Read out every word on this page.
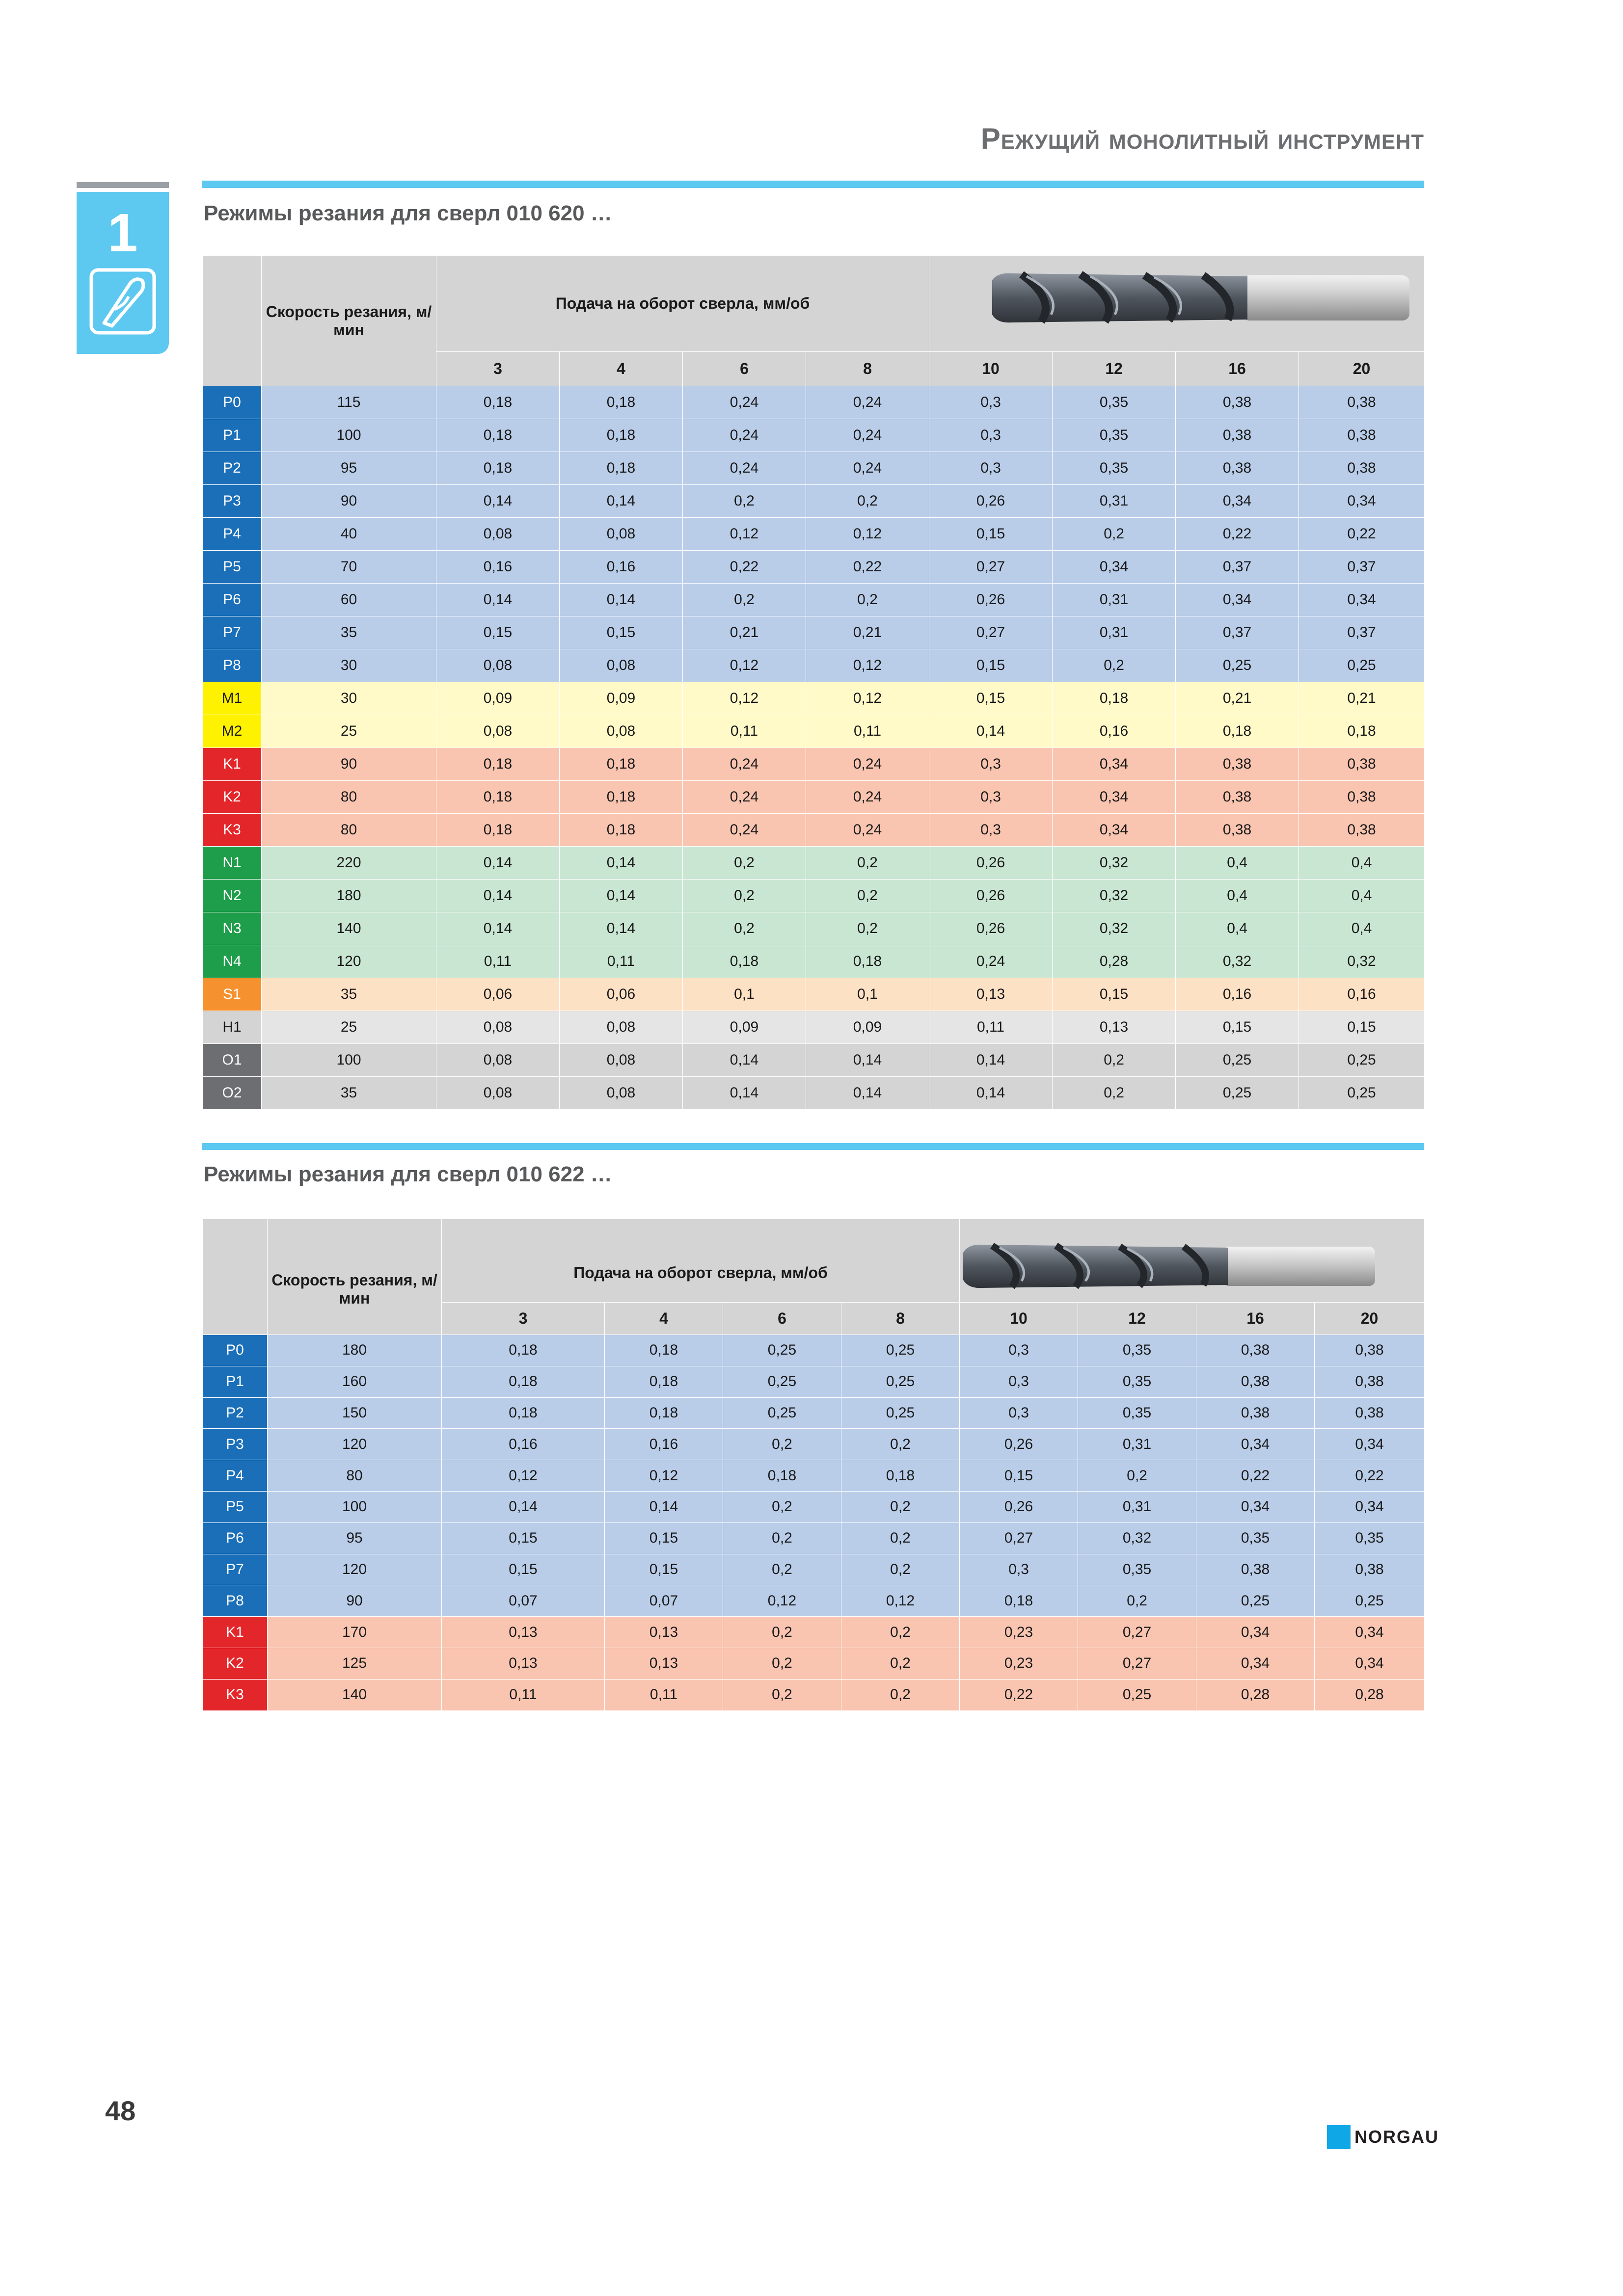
Режущий монолитный инструмент
1	Режимы резания для сверл 010 620 …
	Скорость резания, м/мин	Подача на оборот сверла, мм/об	

		3	4	6	8	10	12	16	20
P0	115	0,18	0,18	0,24	0,24	0,3	0,35	0,38	0,38
P1	100	0,18	0,18	0,24	0,24	0,3	0,35	0,38	0,38
P2	95	0,18	0,18	0,24	0,24	0,3	0,35	0,38	0,38
P3	90	0,14	0,14	0,2	0,2	0,26	0,31	0,34	0,34
P4	40	0,08	0,08	0,12	0,12	0,15	0,2	0,22	0,22
P5	70	0,16	0,16	0,22	0,22	0,27	0,34	0,37	0,37
P6	60	0,14	0,14	0,2	0,2	0,26	0,31	0,34	0,34
P7	35	0,15	0,15	0,21	0,21	0,27	0,31	0,37	0,37
P8	30	0,08	0,08	0,12	0,12	0,15	0,2	0,25	0,25
M1	30	0,09	0,09	0,12	0,12	0,15	0,18	0,21	0,21
M2	25	0,08	0,08	0,11	0,11	0,14	0,16	0,18	0,18
K1	90	0,18	0,18	0,24	0,24	0,3	0,34	0,38	0,38
K2	80	0,18	0,18	0,24	0,24	0,3	0,34	0,38	0,38
K3	80	0,18	0,18	0,24	0,24	0,3	0,34	0,38	0,38
N1	220	0,14	0,14	0,2	0,2	0,26	0,32	0,4	0,4
N2	180	0,14	0,14	0,2	0,2	0,26	0,32	0,4	0,4
N3	140	0,14	0,14	0,2	0,2	0,26	0,32	0,4	0,4
N4	120	0,11	0,11	0,18	0,18	0,24	0,28	0,32	0,32
S1	35	0,06	0,06	0,1	0,1	0,13	0,15	0,16	0,16
H1	25	0,08	0,08	0,09	0,09	0,11	0,13	0,15	0,15
O1	100	0,08	0,08	0,14	0,14	0,14	0,2	0,25	0,25
O2	35	0,08	0,08	0,14	0,14	0,14	0,2	0,25	0,25
Режимы резания для сверл 010 622 …
	Скорость резания, м/мин	Подача на оборот сверла, мм/об	

		3	4	6	8	10	12	16	20
P0	180	0,18	0,18	0,25	0,25	0,3	0,35	0,38	0,38
P1	160	0,18	0,18	0,25	0,25	0,3	0,35	0,38	0,38
P2	150	0,18	0,18	0,25	0,25	0,3	0,35	0,38	0,38
P3	120	0,16	0,16	0,2	0,2	0,26	0,31	0,34	0,34
P4	80	0,12	0,12	0,18	0,18	0,15	0,2	0,22	0,22
P5	100	0,14	0,14	0,2	0,2	0,26	0,31	0,34	0,34
P6	95	0,15	0,15	0,2	0,2	0,27	0,32	0,35	0,35
P7	120	0,15	0,15	0,2	0,2	0,3	0,35	0,38	0,38
P8	90	0,07	0,07	0,12	0,12	0,18	0,2	0,25	0,25
K1	170	0,13	0,13	0,2	0,2	0,23	0,27	0,34	0,34
K2	125	0,13	0,13	0,2	0,2	0,23	0,27	0,34	0,34
K3	140	0,11	0,11	0,2	0,2	0,22	0,25	0,28	0,28
48
NORGAU
